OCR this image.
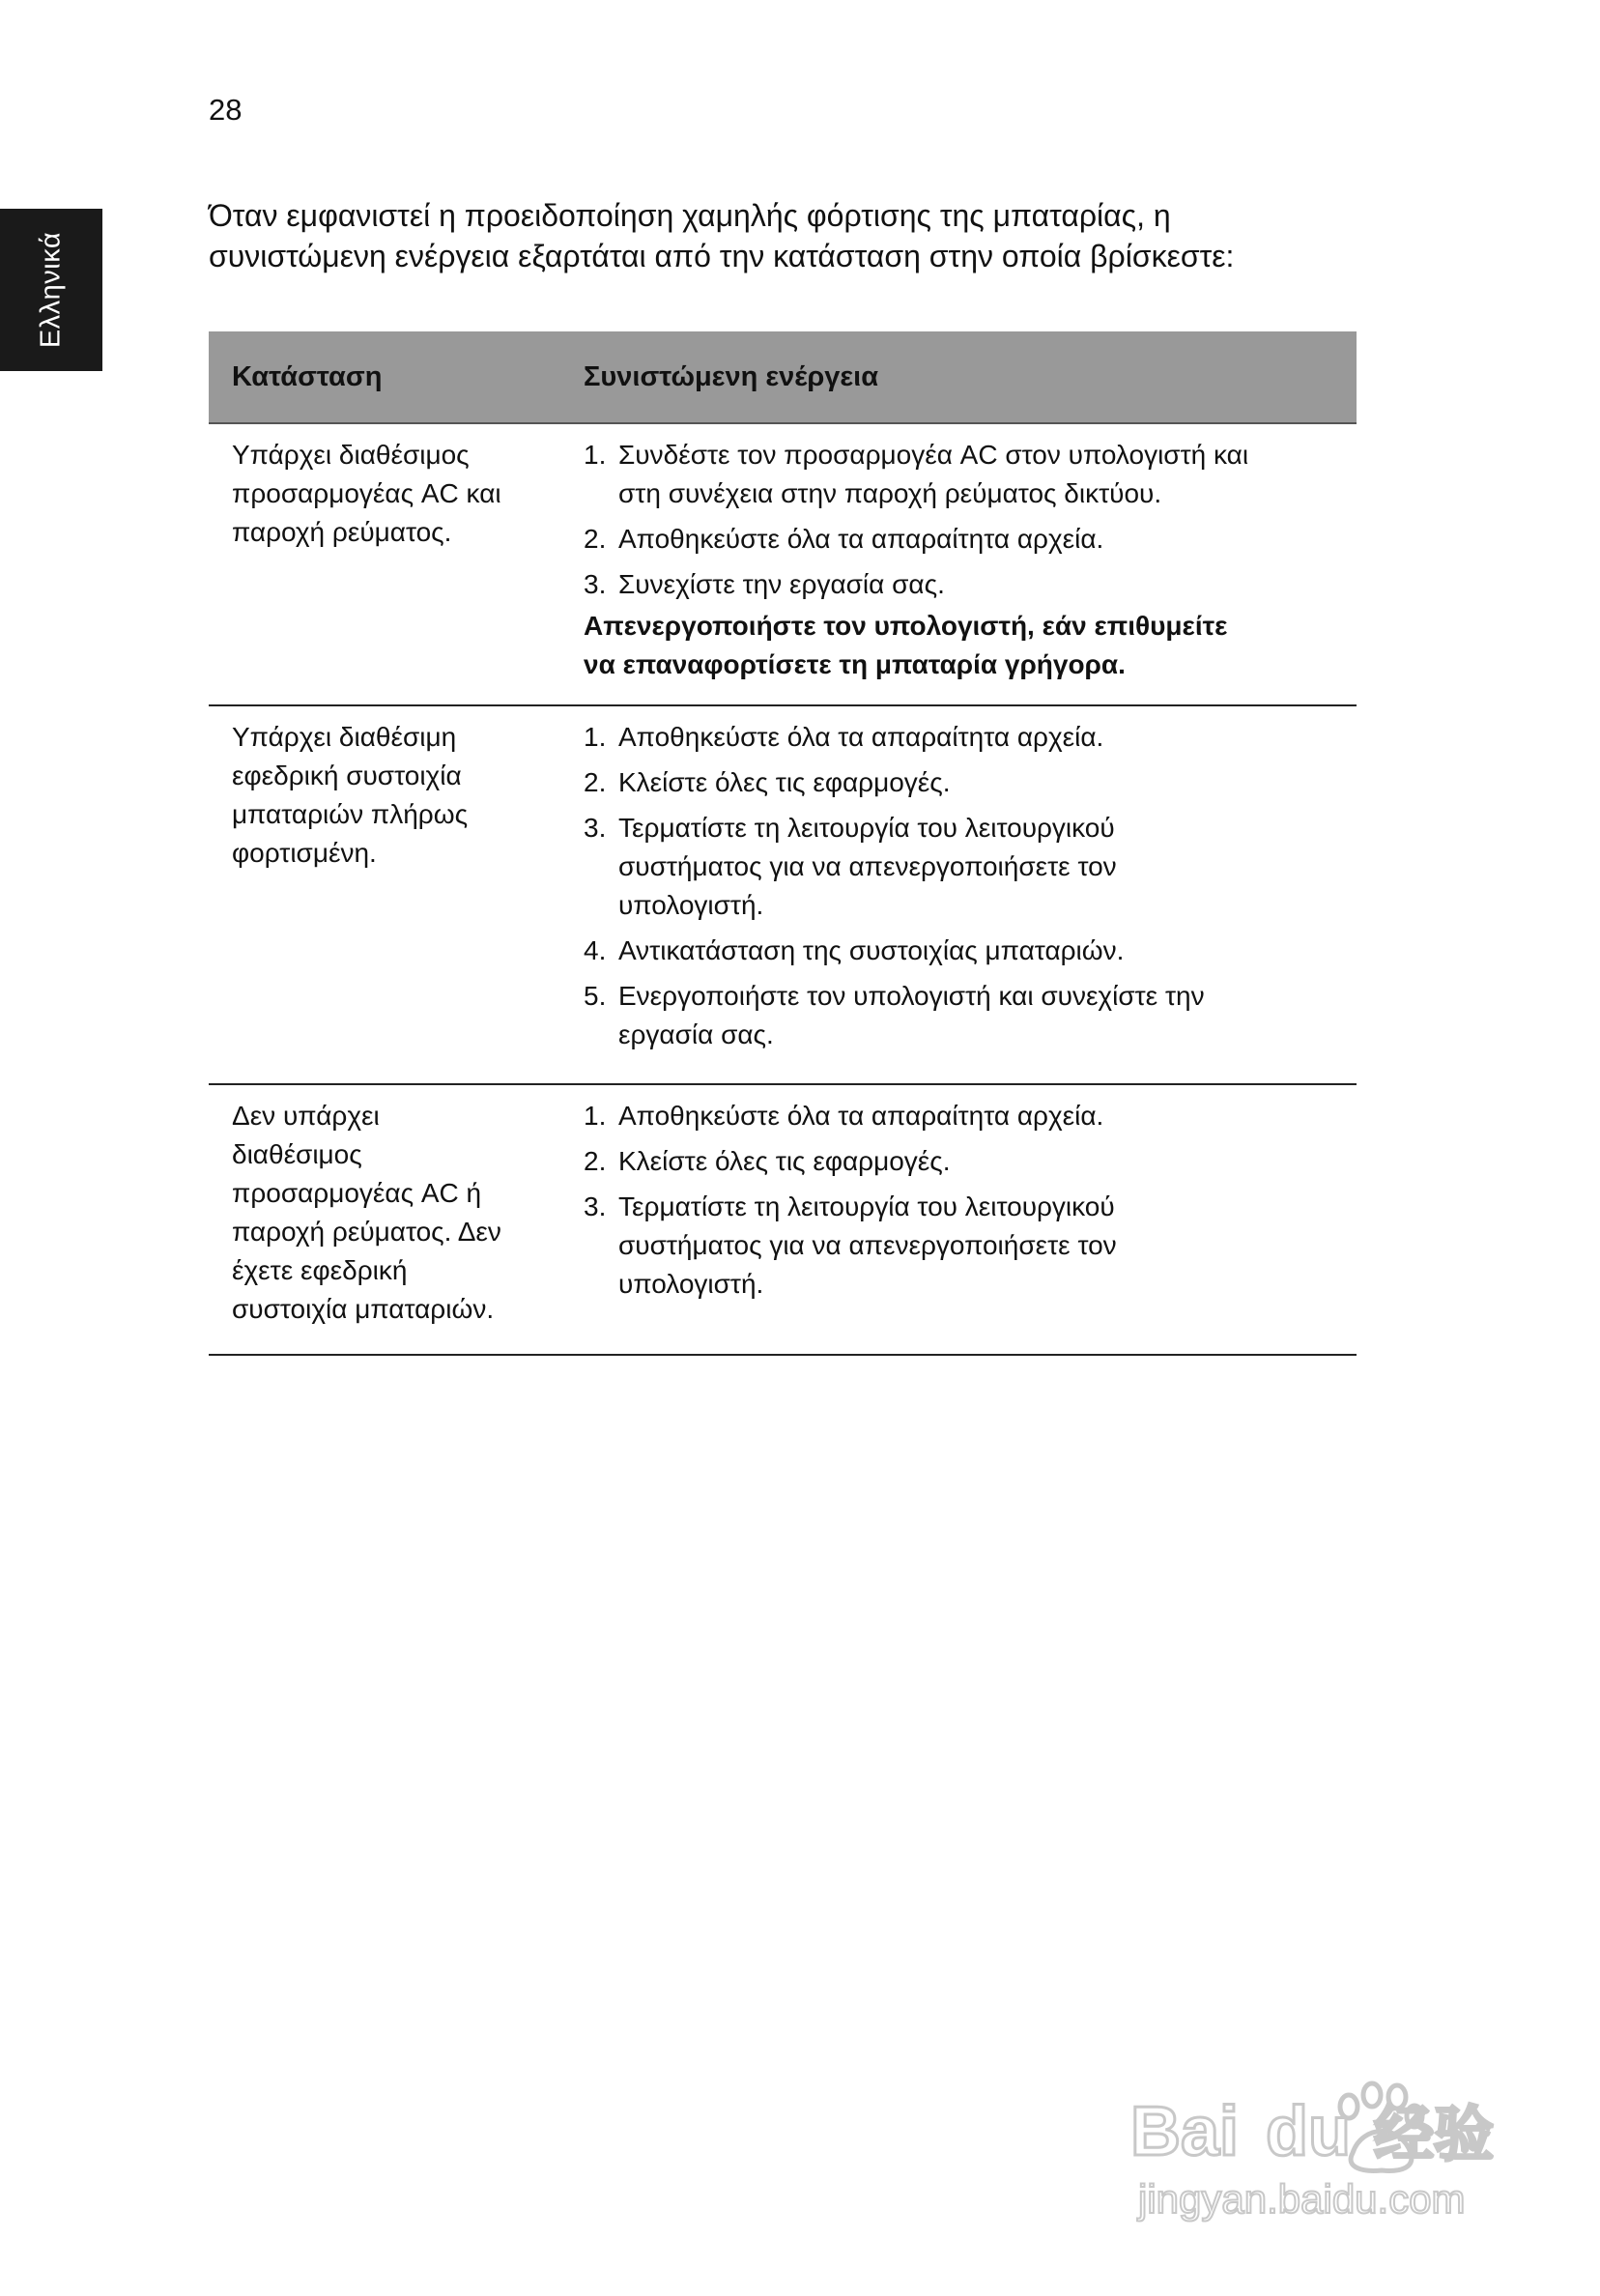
28
Ελληνικά

Όταν εμφανιστεί η προειδοποίηση χαμηλής φόρτισης της μπαταρίας, η
συνιστώμενη ενέργεια εξαρτάται από την κατάσταση στην οποία βρίσκεστε:

Κατάσταση	Συνιστώμενη ενέργεια
Υπάρχει διαθέσιμος
προσαρμογέας AC και
παροχή ρεύματος.
1. Συνδέστε τον προσαρμογέα AC στον υπολογιστή και
στη συνέχεια στην παροχή ρεύματος δικτύου.
2. Αποθηκεύστε όλα τα απαραίτητα αρχεία.
3. Συνεχίστε την εργασία σας.
Απενεργοποιήστε τον υπολογιστή, εάν επιθυμείτε
να επαναφορτίσετε τη μπαταρία γρήγορα.
Υπάρχει διαθέσιμη
εφεδρική συστοιχία
μπαταριών πλήρως
φορτισμένη.
1. Αποθηκεύστε όλα τα απαραίτητα αρχεία.
2. Κλείστε όλες τις εφαρμογές.
3. Τερματίστε τη λειτουργία του λειτουργικού
συστήματος για να απενεργοποιήσετε τον
υπολογιστή.
4. Αντικατάσταση της συστοιχίας μπαταριών.
5. Ενεργοποιήστε τον υπολογιστή και συνεχίστε την
εργασία σας.
Δεν υπάρχει
διαθέσιμος
προσαρμογέας AC ή
παροχή ρεύματος. Δεν
έχετε εφεδρική
συστοιχία μπαταριών.
1. Αποθηκεύστε όλα τα απαραίτητα αρχεία.
2. Κλείστε όλες τις εφαρμογές.
3. Τερματίστε τη λειτουργία του λειτουργικού
συστήματος για να απενεργοποιήσετε τον
υπολογιστή.
Bai du 经验
jingyan.baidu.com
